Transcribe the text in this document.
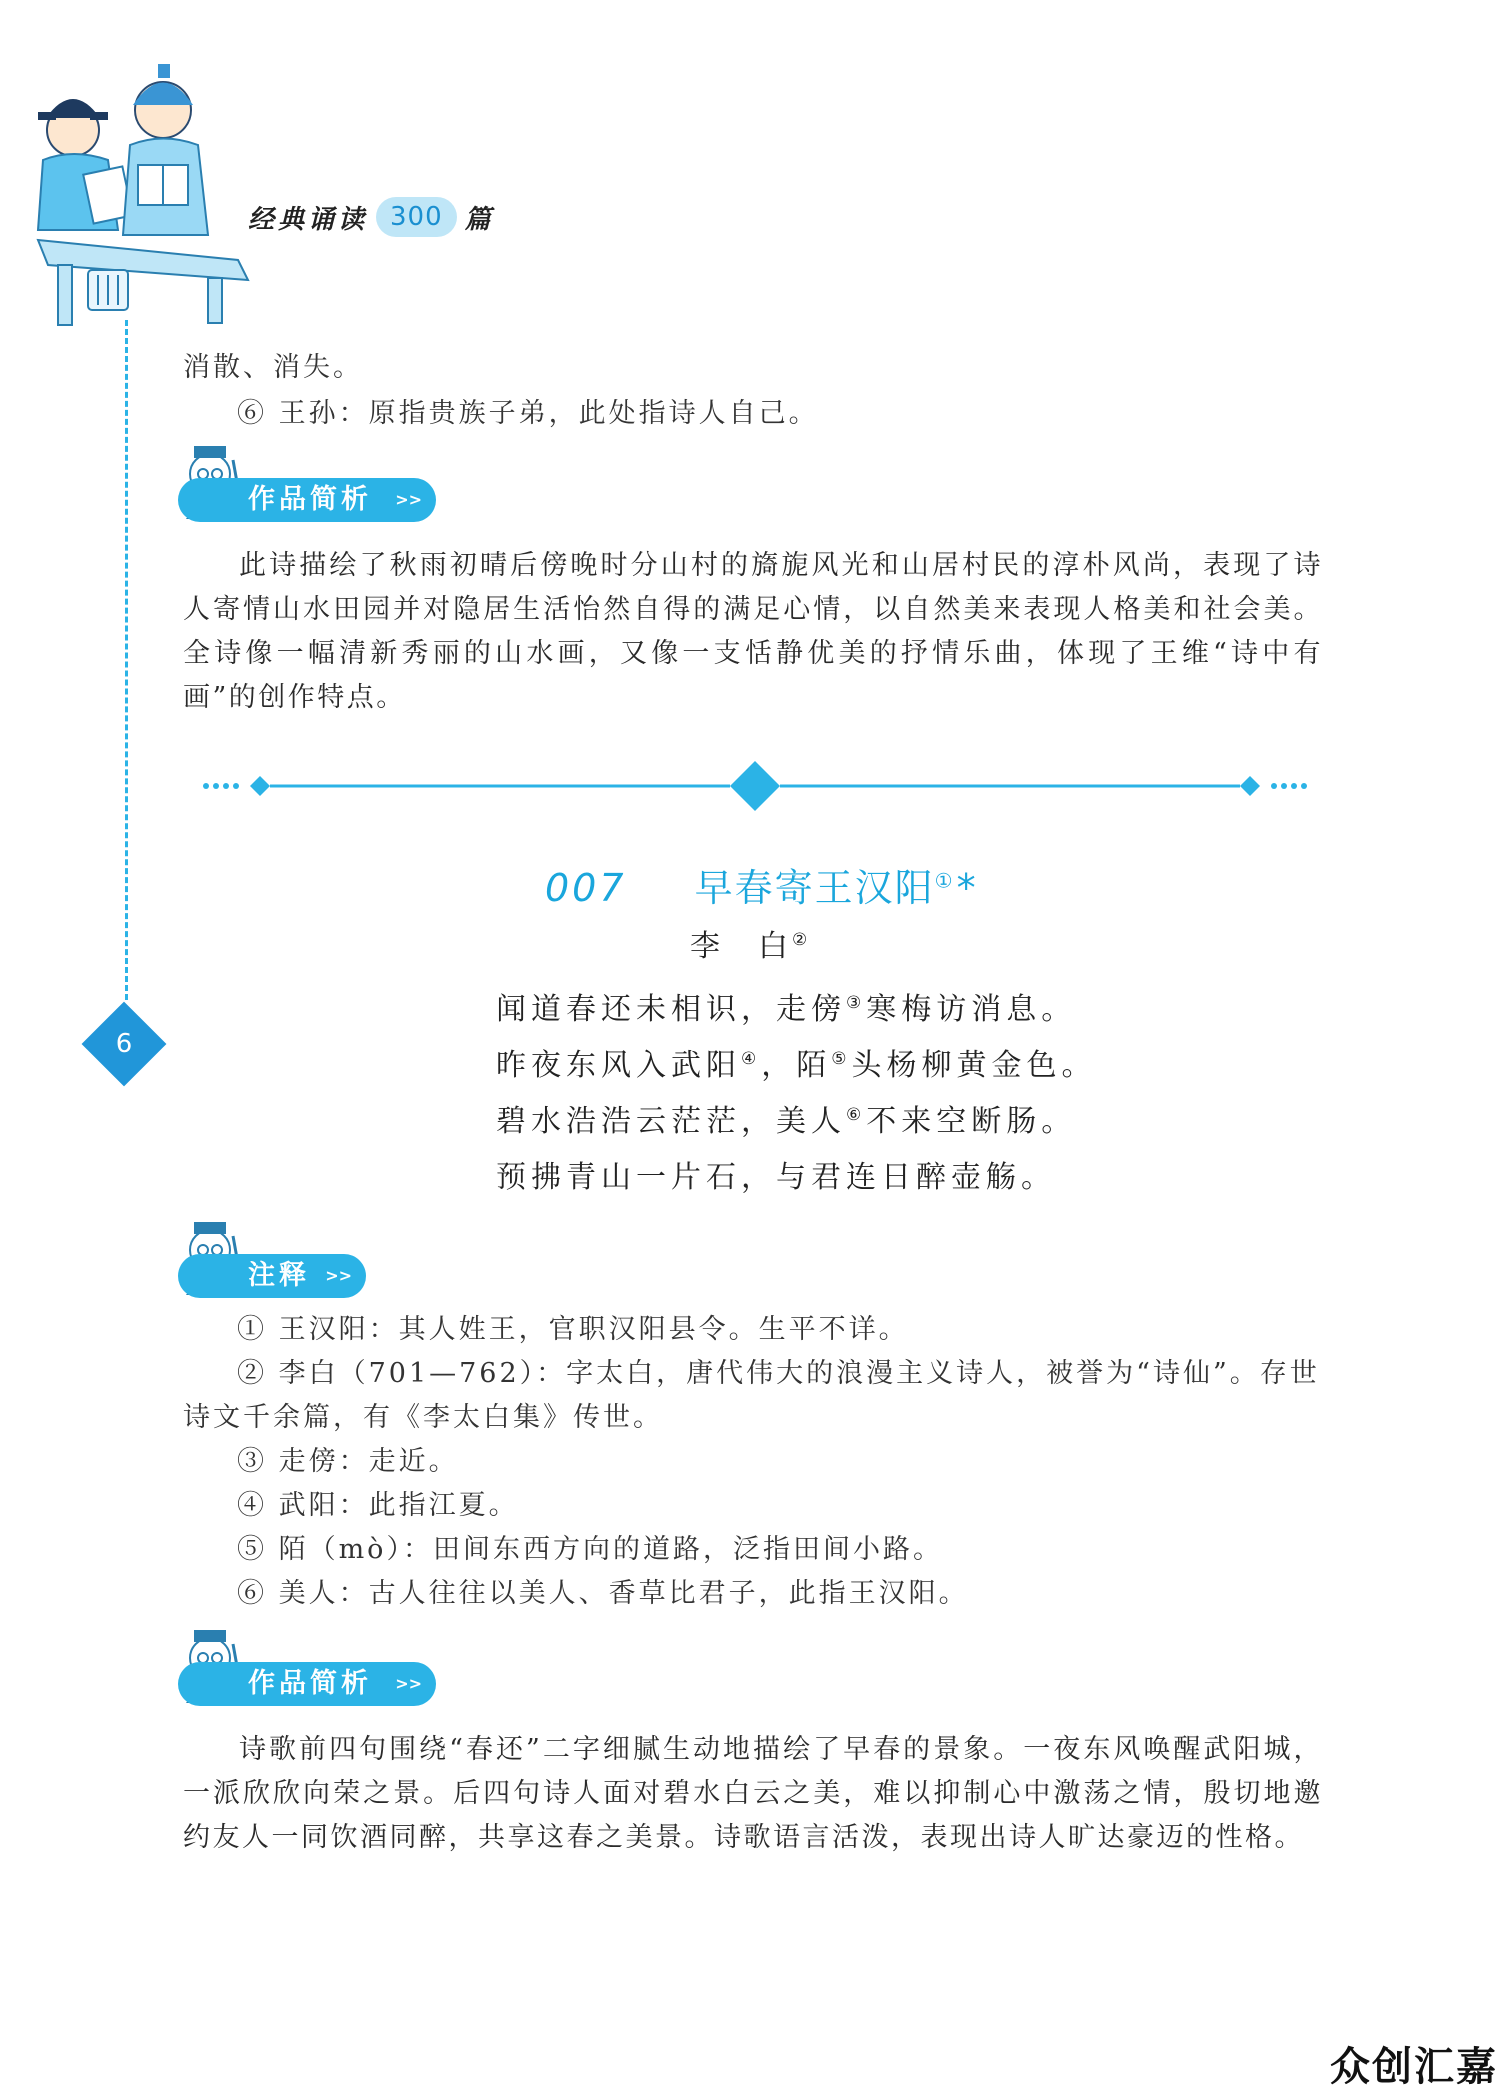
经典诵读 300 篇
6
消散、消失。
⑥ 王孙：原指贵族子弟，此处指诗人自己。
作品简析 >>
此诗描绘了秋雨初晴后傍晚时分山村的旖旎风光和山居村民的淳朴风尚，表现了诗人寄情山水田园并对隐居生活怡然自得的满足心情，以自然美来表现人格美和社会美。全诗像一幅清新秀丽的山水画，又像一支恬静优美的抒情乐曲，体现了王维“诗中有画”的创作特点。
007 早春寄王汉阳① *
李　白②
闻道春还未相识，走傍③寒梅访消息。
昨夜东风入武阳④，陌⑤头杨柳黄金色。
碧水浩浩云茫茫，美人⑥不来空断肠。
预拂青山一片石，与君连日醉壶觞。
注释 >>
① 王汉阳：其人姓王，官职汉阳县令。生平不详。
② 李白（701—762）：字太白，唐代伟大的浪漫主义诗人，被誉为“诗仙”。存世
诗文千余篇，有《李太白集》传世。
③ 走傍：走近。
④ 武阳：此指江夏。
⑤ 陌（mò）：田间东西方向的道路，泛指田间小路。
⑥ 美人：古人往往以美人、香草比君子，此指王汉阳。
作品简析 >>
诗歌前四句围绕“春还”二字细腻生动地描绘了早春的景象。一夜东风唤醒武阳城，一派欣欣向荣之景。后四句诗人面对碧水白云之美，难以抑制心中激荡之情，殷切地邀约友人一同饮酒同醉，共享这春之美景。诗歌语言活泼，表现出诗人旷达豪迈的性格。
众创汇嘉
